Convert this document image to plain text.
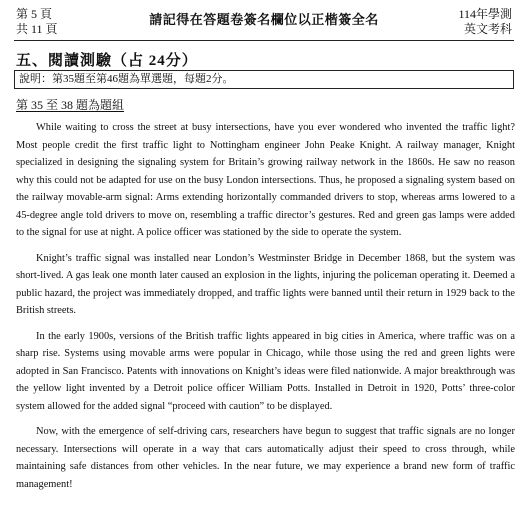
第 5 頁
共 11 頁
請記得在答題卷簽名欄位以正楷簽全名	114年學測
英文考科
五、閱讀測驗（占 24分）
說明：第35題至第46題為單選題，每題2分。
第 35 至 38 題為題組

While waiting to cross the street at busy intersections, have you ever wondered who invented the traffic light? Most people credit the first traffic light to Nottingham engineer John Peake Knight. A railway manager, Knight specialized in designing the signaling system for Britain’s growing railway network in the 1860s. He saw no reason why this could not be adapted for use on the busy London intersections. Thus, he proposed a signaling system based on the railway movable-arm signal: Arms extending horizontally commanded drivers to stop, whereas arms lowered to a 45-degree angle told drivers to move on, resembling a traffic director’s gestures. Red and green gas lamps were added to the signal for use at night. A police officer was stationed by the side to operate the system.

Knight’s traffic signal was installed near London’s Westminster Bridge in December 1868, but the system was short-lived. A gas leak one month later caused an explosion in the lights, injuring the policeman operating it. Deemed a public hazard, the project was immediately dropped, and traffic lights were banned until their return in 1929 back to the British streets.

In the early 1900s, versions of the British traffic lights appeared in big cities in America, where traffic was on a sharp rise. Systems using movable arms were popular in Chicago, while those using the red and green lights were adopted in San Francisco. Patents with innovations on Knight’s ideas were filed nationwide. A major breakthrough was the yellow light invented by a Detroit police officer William Potts. Installed in Detroit in 1920, Potts’ three-color system allowed for the added signal “proceed with caution” to be displayed.

Now, with the emergence of self-driving cars, researchers have begun to suggest that traffic signals are no longer necessary. Intersections will operate in a way that cars automatically adjust their speed to cross through, while maintaining safe distances from other vehicles. In the near future, we may experience a brand new form of traffic management!
